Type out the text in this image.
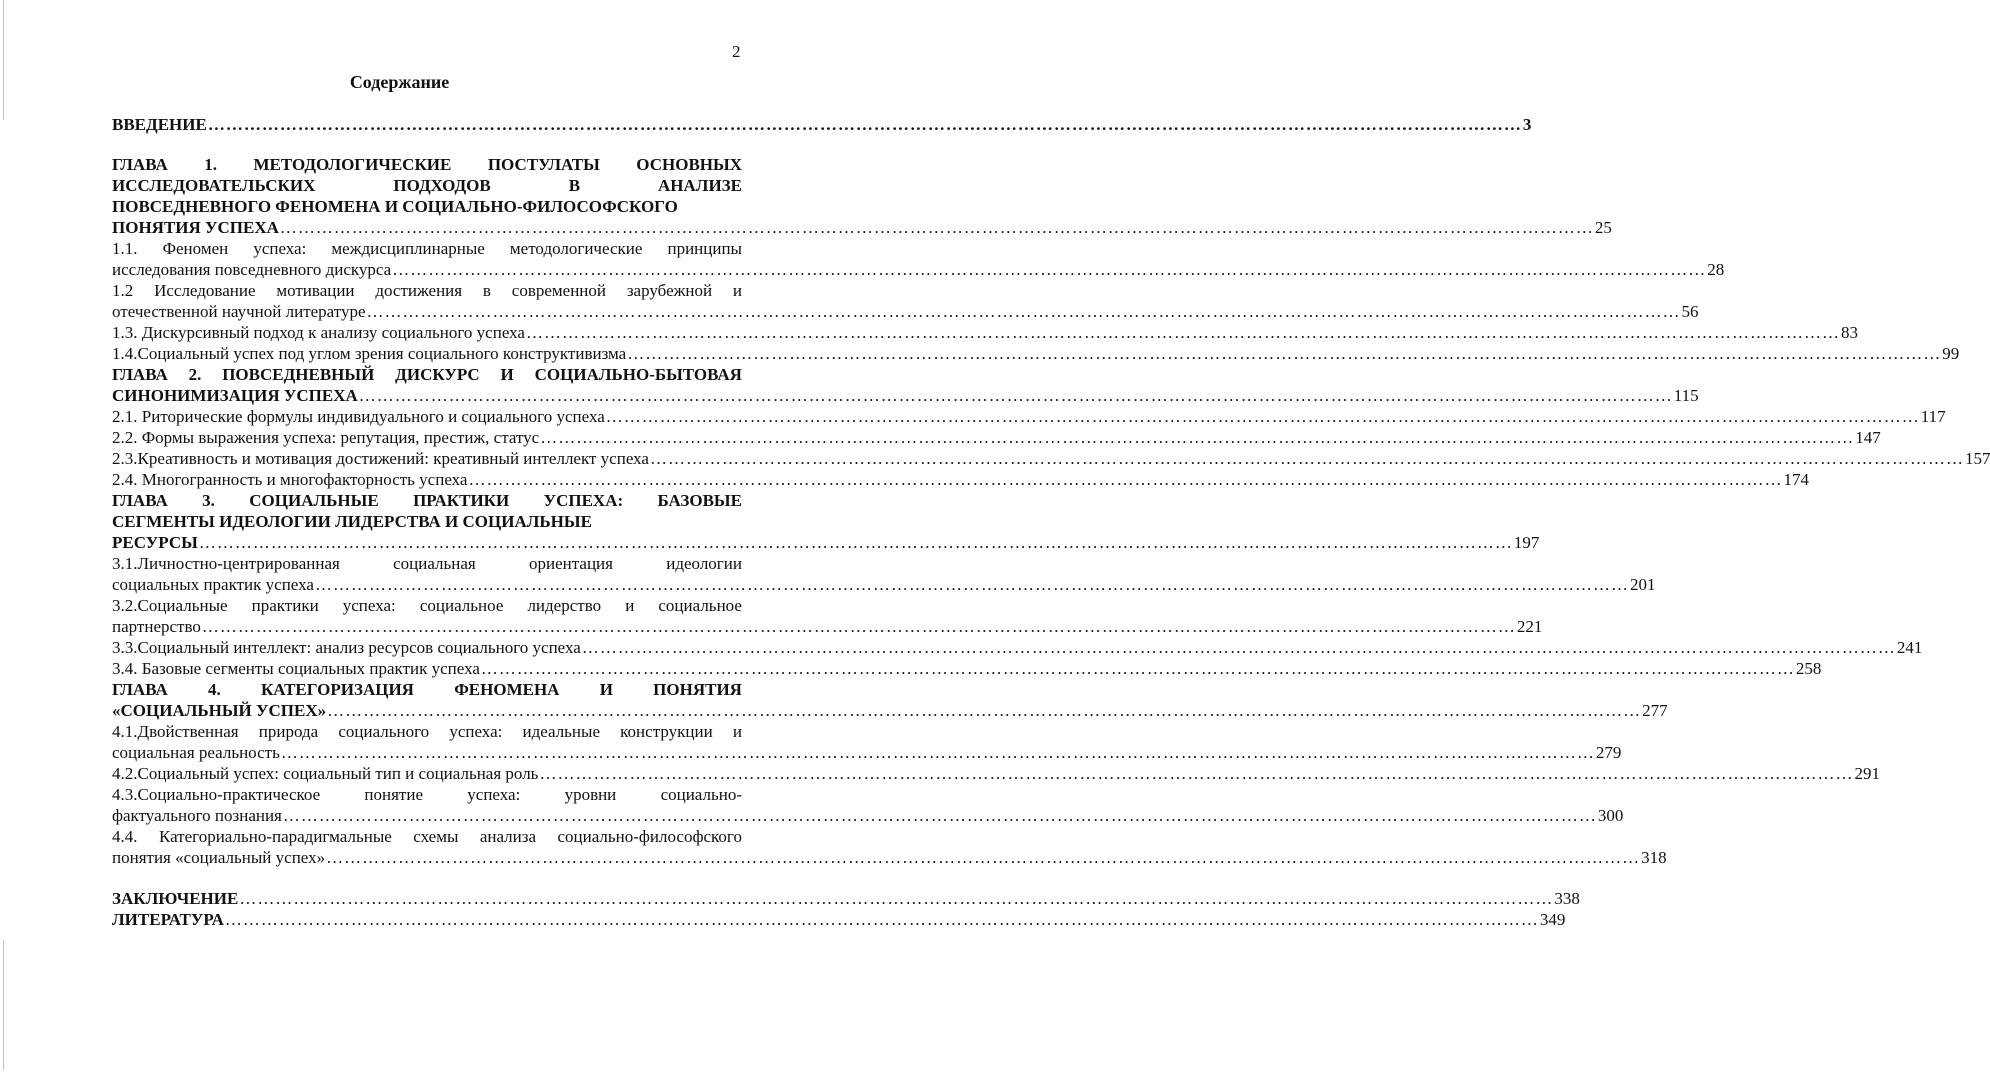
2
Содержание
ВВЕДЕНИЕ ………………………………………………………………………………………………………………………………………………………………………………………………… 3
ГЛАВА 1. МЕТОДОЛОГИЧЕСКИЕ ПОСТУЛАТЫ ОСНОВНЫХ
ИССЛЕДОВАТЕЛЬСКИХ	ПОДХОДОВ	В	АНАЛИЗЕ
ПОВСЕДНЕВНОГО ФЕНОМЕНА И СОЦИАЛЬНО-ФИЛОСОФСКОГО
ПОНЯТИЯ УСПЕХА ………………………………………………………………………………………………………………………………………………………………………………………………… 25
1.1. Феномен успеха: междисциплинарные методологические принципы
исследования повседневного дискурса ………………………………………………………………………………………………………………………………………………………………………………………………… 28
1.2 Исследование мотивации достижения в современной зарубежной и
отечественной научной литературе ………………………………………………………………………………………………………………………………………………………………………………………………… 56
1.3. Дискурсивный подход к анализу социального успеха ………………………………………………………………………………………………………………………………………………………………………………………………… 83
1.4.Социальный успех под углом зрения социального конструктивизма ………………………………………………………………………………………………………………………………………………………………………………………………… 99
ГЛАВА 2. ПОВСЕДНЕВНЫЙ ДИСКУРС И СОЦИАЛЬНО-БЫТОВАЯ
СИНОНИМИЗАЦИЯ УСПЕХА ………………………………………………………………………………………………………………………………………………………………………………………………… 115
2.1. Риторические формулы индивидуального и социального успеха ………………………………………………………………………………………………………………………………………………………………………………………………… 117
2.2. Формы выражения успеха: репутация, престиж, статус ………………………………………………………………………………………………………………………………………………………………………………………………… 147
2.3.Креативность и мотивация достижений: креативный интеллект успеха ………………………………………………………………………………………………………………………………………………………………………………………………… 157
2.4. Многогранность и многофакторность успеха ………………………………………………………………………………………………………………………………………………………………………………………………… 174
ГЛАВА 3. СОЦИАЛЬНЫЕ ПРАКТИКИ УСПЕХА: БАЗОВЫЕ
СЕГМЕНТЫ ИДЕОЛОГИИ ЛИДЕРСТВА И СОЦИАЛЬНЫЕ
РЕСУРСЫ ………………………………………………………………………………………………………………………………………………………………………………………………… 197
3.1.Личностно-центрированная	социальная	ориентация	идеологии
социальных практик успеха ………………………………………………………………………………………………………………………………………………………………………………………………… 201
3.2.Социальные практики успеха: социальное лидерство и социальное
партнерство ………………………………………………………………………………………………………………………………………………………………………………………………… 221
3.3.Социальный интеллект: анализ ресурсов социального успеха ………………………………………………………………………………………………………………………………………………………………………………………………… 241
3.4. Базовые сегменты социальных практик успеха ………………………………………………………………………………………………………………………………………………………………………………………………… 258
ГЛАВА 4. КАТЕГОРИЗАЦИЯ ФЕНОМЕНА И ПОНЯТИЯ
«СОЦИАЛЬНЫЙ УСПЕХ» ………………………………………………………………………………………………………………………………………………………………………………………………… 277
4.1.Двойственная природа социального успеха: идеальные конструкции и
социальная реальность ………………………………………………………………………………………………………………………………………………………………………………………………… 279
4.2.Социальный успех: социальный тип и социальная роль ………………………………………………………………………………………………………………………………………………………………………………………………… 291
4.3.Социально-практическое	понятие	успеха:	уровни	социально-
фактуального познания ………………………………………………………………………………………………………………………………………………………………………………………………… 300
4.4. Категориально-парадигмальные схемы анализа социально-философского
понятия «социальный успех» ………………………………………………………………………………………………………………………………………………………………………………………………… 318
ЗАКЛЮЧЕНИЕ ………………………………………………………………………………………………………………………………………………………………………………………………… 338
ЛИТЕРАТУРА ………………………………………………………………………………………………………………………………………………………………………………………………… 349
